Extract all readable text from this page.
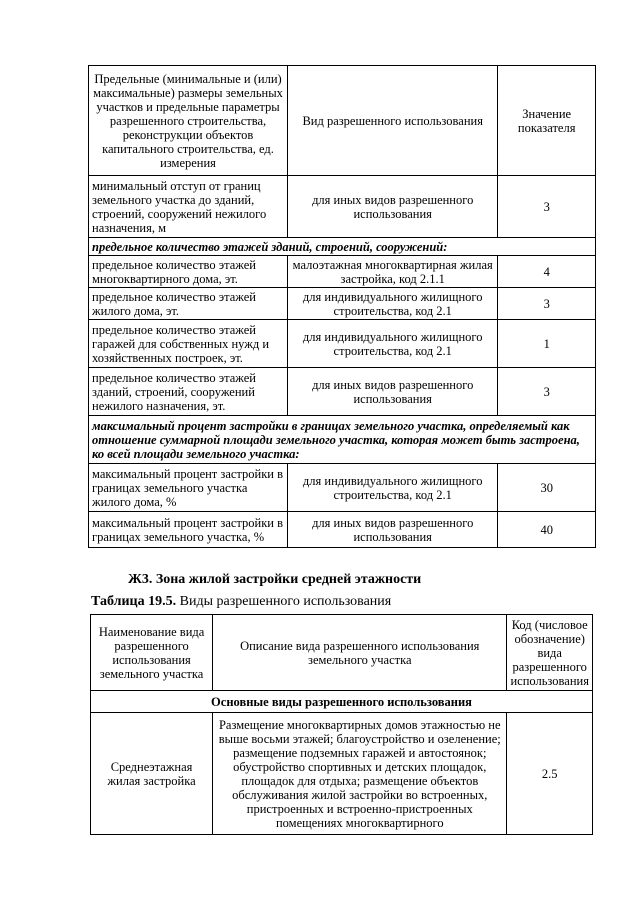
Предельные (минимальные и (или) максимальные) размеры земельных участков и предельные параметры разрешенного строительства, реконструкции объектов капитального строительства, ед. измерения	Вид разрешенного использования	Значение показателя
минимальный отступ от границ земельного участка до зданий, строений, сооружений нежилого назначения, м	для иных видов разрешенного использования	3
предельное количество этажей зданий, строений, сооружений:		
предельное количество этажей многоквартирного дома, эт.	малоэтажная многоквартирная жилая застройка, код 2.1.1	4
предельное количество этажей жилого дома, эт.	для индивидуального жилищного строительства, код 2.1	3
предельное количество этажей гаражей для собственных нужд и хозяйственных построек, эт.	для индивидуального жилищного строительства, код 2.1	1
предельное количество этажей зданий, строений, сооружений нежилого назначения, эт.	для иных видов разрешенного использования	3
максимальный процент застройки в границах земельного участка, определяемый как отношение суммарной площади земельного участка, которая может быть застроена, ко всей площади земельного участка:		
максимальный процент застройки в границах земельного участка жилого дома, %	для индивидуального жилищного строительства, код 2.1	30
максимальный процент застройки в границах земельного участка, %	для иных видов разрешенного использования	40
Ж3. Зона жилой застройки средней этажности
Таблица 19.5. Виды разрешенного использования
Наименование вида разрешенного использования земельного участка	Описание вида разрешенного использования земельного участка	Код (числовое обозначение) вида разрешенного использования
Основные виды разрешенного использования		
Среднеэтажная жилая застройка	Размещение многоквартирных домов этажностью не выше восьми этажей; благоустройство и озеленение; размещение подземных гаражей и автостоянок; обустройство спортивных и детских площадок, площадок для отдыха; размещение объектов обслуживания жилой застройки во встроенных, пристроенных и встроенно-пристроенных помещениях многоквартирного	2.5
